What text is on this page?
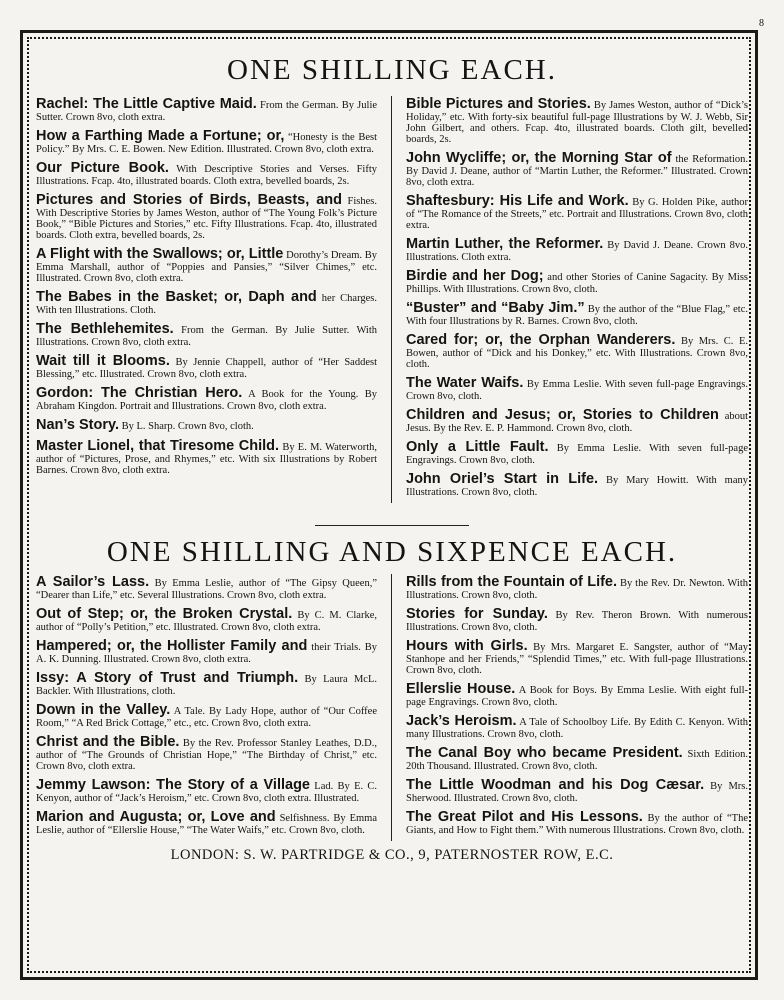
8
ONE SHILLING EACH.
Rachel: The Little Captive Maid. From the German. By Julie Sutter. Crown 8vo, cloth extra.
How a Farthing Made a Fortune; or, “Honesty is the Best Policy.” By Mrs. C. E. Bowen. New Edition. Illustrated. Crown 8vo, cloth extra.
Our Picture Book. With Descriptive Stories and Verses. Fifty Illustrations. Fcap. 4to, illustrated boards. Cloth extra, bevelled boards, 2s.
Pictures and Stories of Birds, Beasts, and Fishes. With Descriptive Stories by James Weston, author of “The Young Folk’s Picture Book,” “Bible Pictures and Stories,” etc. Fifty Illustrations. Fcap. 4to, illustrated boards. Cloth extra, bevelled boards, 2s.
A Flight with the Swallows; or, Little Dorothy’s Dream. By Emma Marshall, author of “Poppies and Pansies,” “Silver Chimes,” etc. Illustrated. Crown 8vo, cloth extra.
The Babes in the Basket; or, Daph and her Charges. With ten Illustrations. Cloth.
The Bethlehemites. From the German. By Julie Sutter. With Illustrations. Crown 8vo, cloth extra.
Wait till it Blooms. By Jennie Chappell, author of “Her Saddest Blessing,” etc. Illustrated. Crown 8vo, cloth extra.
Gordon: The Christian Hero. A Book for the Young. By Abraham Kingdon. Portrait and Illustrations. Crown 8vo, cloth extra.
Nan’s Story. By L. Sharp. Crown 8vo, cloth.
Master Lionel, that Tiresome Child. By E. M. Waterworth, author of “Pictures, Prose, and Rhymes,” etc. With six Illustrations by Robert Barnes. Crown 8vo, cloth extra.
Bible Pictures and Stories. By James Weston, author of “Dick’s Holiday,” etc. With forty-six beautiful full-page Illustrations by W. J. Webb, Sir John Gilbert, and others. Fcap. 4to, illustrated boards. Cloth gilt, bevelled boards, 2s.
John Wycliffe; or, the Morning Star of the Reformation. By David J. Deane, author of “Martin Luther, the Reformer.” Illustrated. Crown 8vo, cloth extra.
Shaftesbury: His Life and Work. By G. Holden Pike, author of “The Romance of the Streets,” etc. Portrait and Illustrations. Crown 8vo, cloth extra.
Martin Luther, the Reformer. By David J. Deane. Crown 8vo. Illustrations. Cloth extra.
Birdie and her Dog; and other Stories of Canine Sagacity. By Miss Phillips. With Illustrations. Crown 8vo, cloth.
“Buster” and “Baby Jim.” By the author of the “Blue Flag,” etc. With four Illustrations by R. Barnes. Crown 8vo, cloth.
Cared for; or, the Orphan Wanderers. By Mrs. C. E. Bowen, author of “Dick and his Donkey,” etc. With Illustrations. Crown 8vo, cloth.
The Water Waifs. By Emma Leslie. With seven full-page Engravings. Crown 8vo, cloth.
Children and Jesus; or, Stories to Children about Jesus. By the Rev. E. P. Hammond. Crown 8vo, cloth.
Only a Little Fault. By Emma Leslie. With seven full-page Engravings. Crown 8vo, cloth.
John Oriel’s Start in Life. By Mary Howitt. With many Illustrations. Crown 8vo, cloth.
ONE SHILLING AND SIXPENCE EACH.
A Sailor’s Lass. By Emma Leslie, author of “The Gipsy Queen,” “Dearer than Life,” etc. Several Illustrations. Crown 8vo, cloth extra.
Out of Step; or, the Broken Crystal. By C. M. Clarke, author of “Polly’s Petition,” etc. Illustrated. Crown 8vo, cloth extra.
Hampered; or, the Hollister Family and their Trials. By A. K. Dunning. Illustrated. Crown 8vo, cloth extra.
Issy: A Story of Trust and Triumph. By Laura McL. Backler. With Illustrations, cloth.
Down in the Valley. A Tale. By Lady Hope, author of “Our Coffee Room,” “A Red Brick Cottage,” etc., etc. Crown 8vo, cloth extra.
Christ and the Bible. By the Rev. Professor Stanley Leathes, D.D., author of “The Grounds of Christian Hope,” “The Birthday of Christ,” etc. Crown 8vo, cloth extra.
Jemmy Lawson: The Story of a Village Lad. By E. C. Kenyon, author of “Jack’s Heroism,” etc. Crown 8vo, cloth extra. Illustrated.
Marion and Augusta; or, Love and Selfishness. By Emma Leslie, author of “Ellerslie House,” “The Water Waifs,” etc. Crown 8vo, cloth.
Rills from the Fountain of Life. By the Rev. Dr. Newton. With Illustrations. Crown 8vo, cloth.
Stories for Sunday. By Rev. Theron Brown. With numerous Illustrations. Crown 8vo, cloth.
Hours with Girls. By Mrs. Margaret E. Sangster, author of “May Stanhope and her Friends,” “Splendid Times,” etc. With full-page Illustrations. Crown 8vo, cloth.
Ellerslie House. A Book for Boys. By Emma Leslie. With eight full-page Engravings. Crown 8vo, cloth.
Jack’s Heroism. A Tale of Schoolboy Life. By Edith C. Kenyon. With many Illustrations. Crown 8vo, cloth.
The Canal Boy who became President. Sixth Edition. 20th Thousand. Illustrated. Crown 8vo, cloth.
The Little Woodman and his Dog Cæsar. By Mrs. Sherwood. Illustrated. Crown 8vo, cloth.
The Great Pilot and His Lessons. By the author of “The Giants, and How to Fight them.” With numerous Illustrations. Crown 8vo, cloth.
LONDON: S. W. PARTRIDGE & CO., 9, PATERNOSTER ROW, E.C.
